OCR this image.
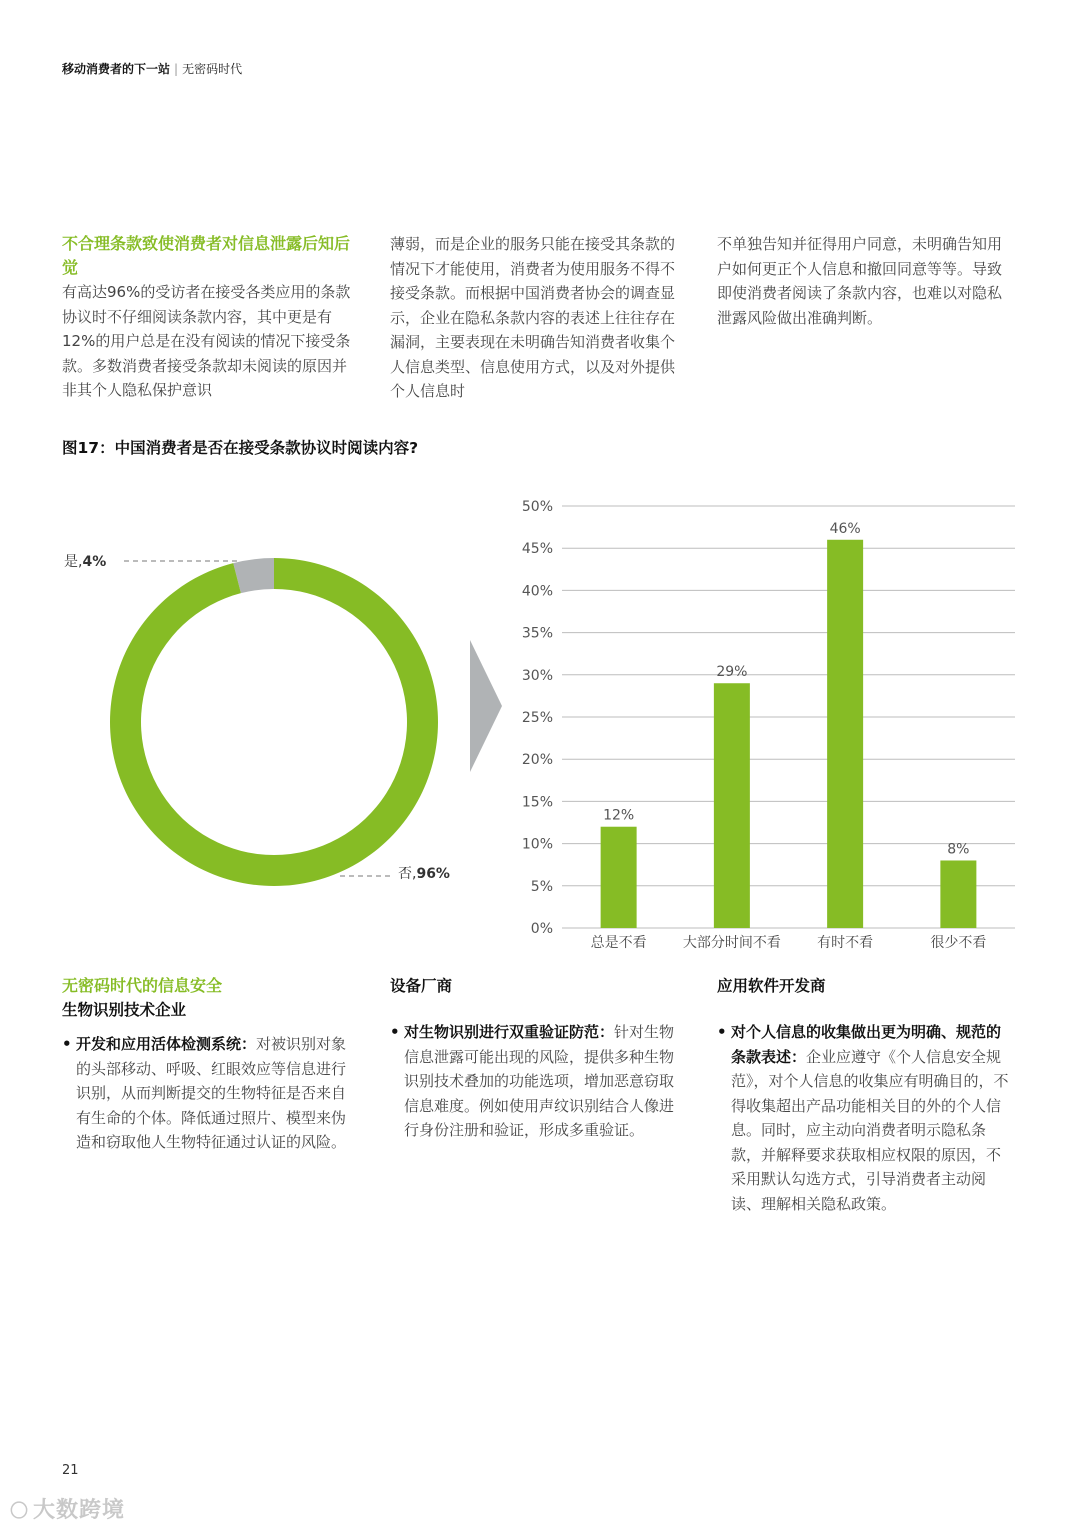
移动消费者的下一站 | 无密码时代
不合理条款致使消费者对信息泄露后知后觉

有高达96%的受访者在接受各类应用的条款协议时不仔细阅读条款内容，其中更是有12%的用户总是在没有阅读的情况下接受条款。多数消费者接受条款却未阅读的原因并非其个人隐私保护意识

薄弱，而是企业的服务只能在接受其条款的情况下才能使用，消费者为使用服务不得不接受条款。而根据中国消费者协会的调查显示，企业在隐私条款内容的表述上往往存在漏洞，主要表现在未明确告知消费者收集个人信息类型、信息使用方式，以及对外提供个人信息时

不单独告知并征得用户同意，未明确告知用户如何更正个人信息和撤回同意等等。导致即使消费者阅读了条款内容，也难以对隐私泄露风险做出准确判断。

图17：中国消费者是否在接受条款协议时阅读内容?
是,4%
否,96%
0%
5%
10%
15%
20%
25%
30%
35%
40%
45%
50%
12%
总是不看
29%
大部分时间不看
46%
有时不看
8%
很少不看
无密码时代的信息安全
生物识别技术企业
• 开发和应用活体检测系统：对被识别对象的头部移动、呼吸、红眼效应等信息进行识别，从而判断提交的生物特征是否来自有生命的个体。降低通过照片、模型来伪造和窃取他人生物特征通过认证的风险。
设备厂商
• 对生物识别进行双重验证防范：针对生物信息泄露可能出现的风险，提供多种生物识别技术叠加的功能选项，增加恶意窃取信息难度。例如使用声纹识别结合人像进行身份注册和验证，形成多重验证。
应用软件开发商
• 对个人信息的收集做出更为明确、规范的条款表述：企业应遵守《个人信息安全规范》，对个人信息的收集应有明确目的，不得收集超出产品功能相关目的外的个人信息。同时，应主动向消费者明示隐私条款，并解释要求获取相应权限的原因，不采用默认勾选方式，引导消费者主动阅读、理解相关隐私政策。
21
〇 大数跨境
